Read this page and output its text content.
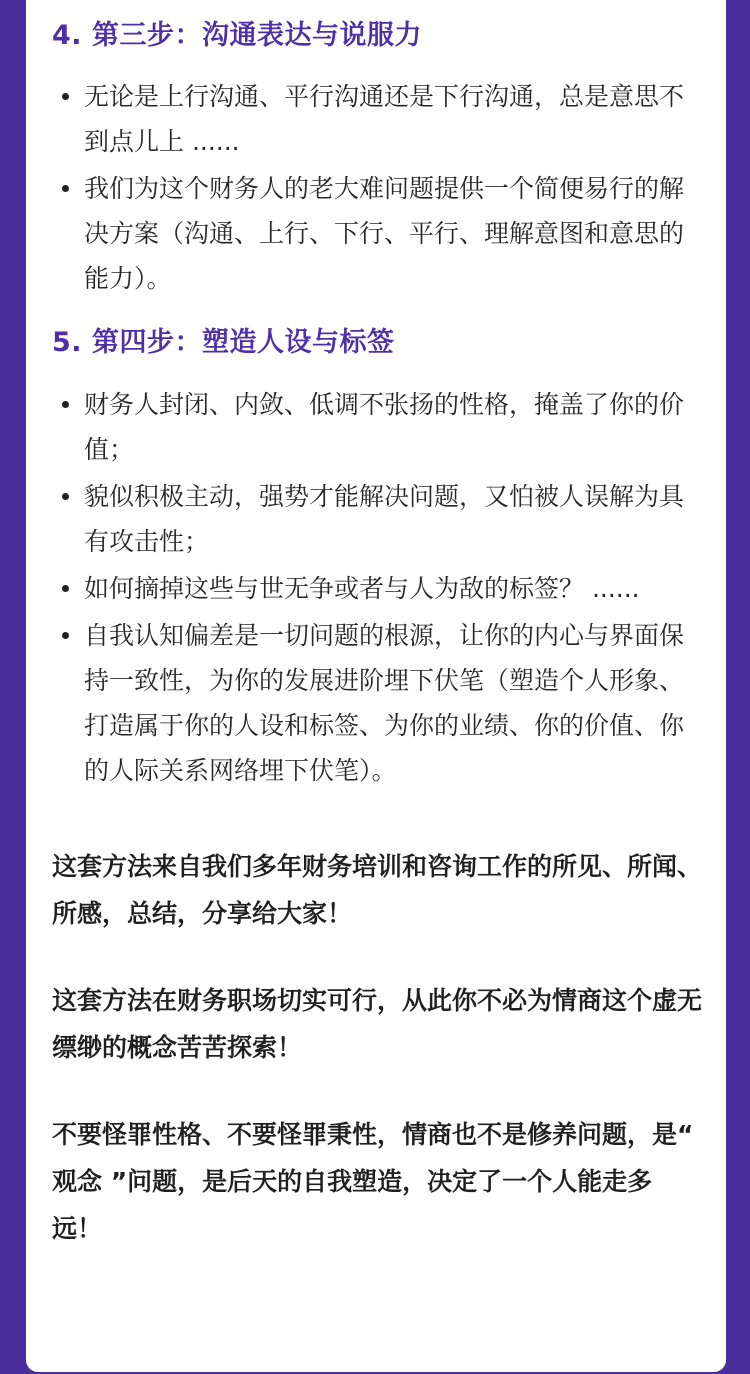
4. 第三步：沟通表达与说服力
无论是上行沟通、平行沟通还是下行沟通，总是意思不到点儿上 ......
我们为这个财务人的老大难问题提供一个简便易行的解决方案（沟通、上行、下行、平行、理解意图和意思的能力）。
5. 第四步：塑造人设与标签
财务人封闭、内敛、低调不张扬的性格，掩盖了你的价值；
貌似积极主动，强势才能解决问题，又怕被人误解为具有攻击性；
如何摘掉这些与世无争或者与人为敌的标签？ ......
自我认知偏差是一切问题的根源，让你的内心与界面保持一致性，为你的发展进阶埋下伏笔（塑造个人形象、打造属于你的人设和标签、为你的业绩、你的价值、你的人际关系网络埋下伏笔）。

这套方法来自我们多年财务培训和咨询工作的所见、所闻、所感，总结，分享给大家！

这套方法在财务职场切实可行，从此你不必为情商这个虚无缥缈的概念苦苦探索！

不要怪罪性格、不要怪罪秉性，情商也不是修养问题，是“ 观念 ”问题，是后天的自我塑造，决定了一个人能走多远！
